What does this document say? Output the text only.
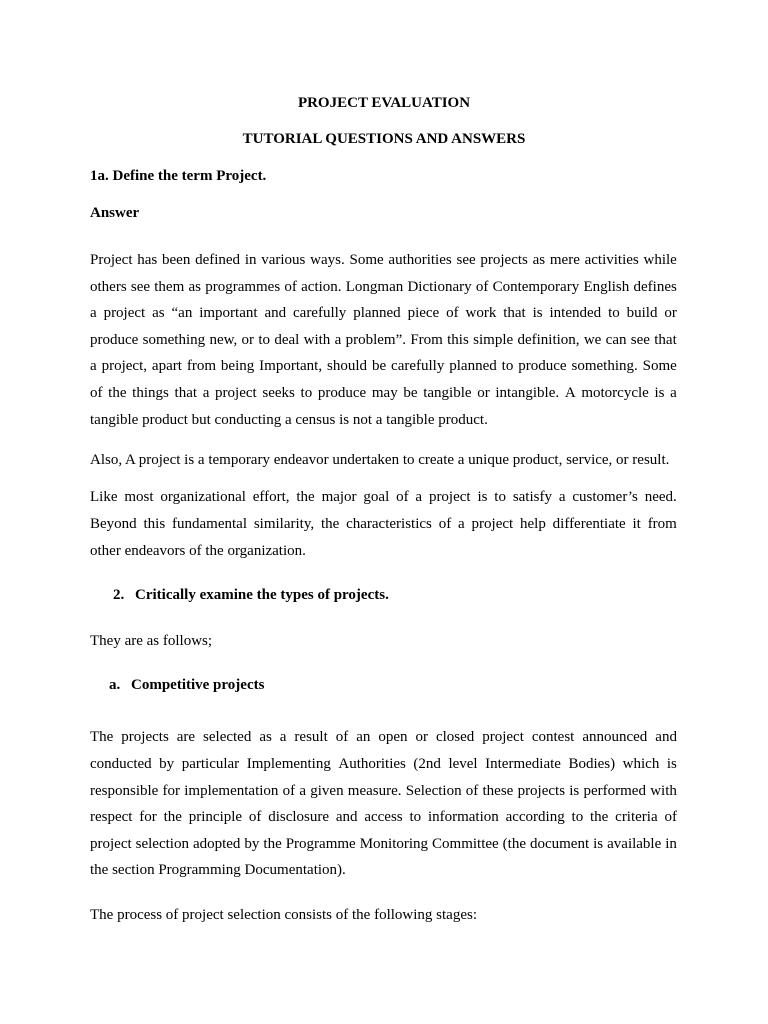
PROJECT EVALUATION
TUTORIAL QUESTIONS AND ANSWERS
1a. Define the term Project.
Answer
Project has been defined in various ways. Some authorities see projects as mere activities while
others see them as programmes of action. Longman Dictionary of Contemporary English defines
a project as “an important and carefully planned piece of work that is intended to build or
produce something new, or to deal with a problem”. From this simple definition, we can see that
a project, apart from being Important, should be carefully planned to produce something. Some
of the things that a project seeks to produce may be tangible or intangible. A motorcycle is a
tangible product but conducting a census is not a tangible product.
Also, A project is a temporary endeavor undertaken to create a unique product, service, or result.
Like most organizational effort, the major goal of a project is to satisfy a customer’s need.
Beyond this fundamental similarity, the characteristics of a project help differentiate it from
other endeavors of the organization.
2. Critically examine the types of projects.
They are as follows;
a. Competitive projects
The projects are selected as a result of an open or closed project contest announced and
conducted by particular Implementing Authorities (2nd level Intermediate Bodies) which is
responsible for implementation of a given measure. Selection of these projects is performed with
respect for the principle of disclosure and access to information according to the criteria of
project selection adopted by the Programme Monitoring Committee (the document is available in
the section Programming Documentation).
The process of project selection consists of the following stages:
